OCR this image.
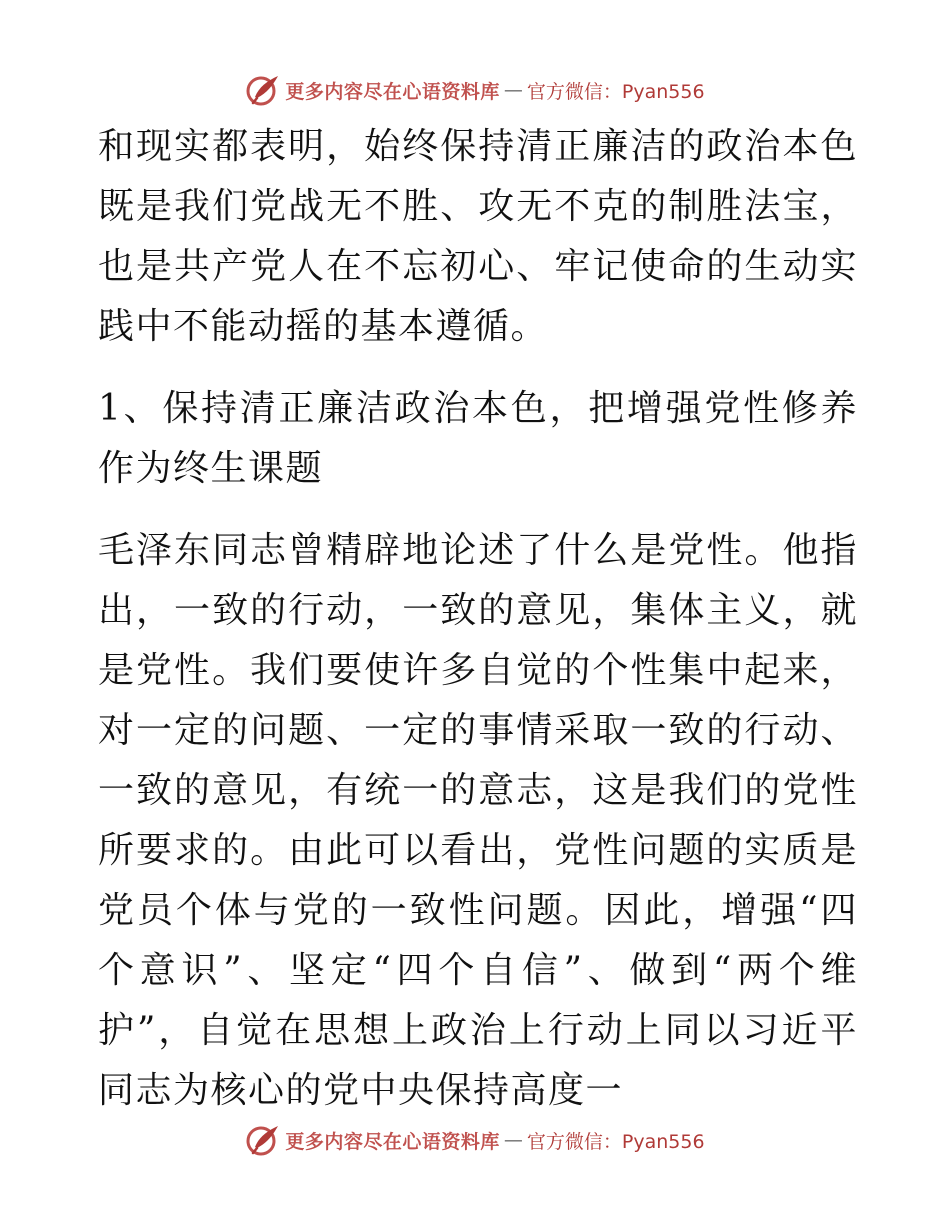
更多内容尽在心语资料库 — 官方微信：Pyan556

和现实都表明，始终保持清正廉洁的政治本色既是我们党战无不胜、攻无不克的制胜法宝，也是共产党人在不忘初心、牢记使命的生动实践中不能动摇的基本遵循。

1、保持清正廉洁政治本色，把增强党性修养作为终生课题

毛泽东同志曾精辟地论述了什么是党性。他指出，一致的行动，一致的意见，集体主义，就是党性。我们要使许多自觉的个性集中起来，对一定的问题、一定的事情采取一致的行动、一致的意见，有统一的意志，这是我们的党性所要求的。由此可以看出，党性问题的实质是党员个体与党的一致性问题。因此，增强“四个意识”、坚定“四个自信”、做到“两个维护”，自觉在思想上政治上行动上同以习近平同志为核心的党中央保持高度一

更多内容尽在心语资料库 — 官方微信：Pyan556
